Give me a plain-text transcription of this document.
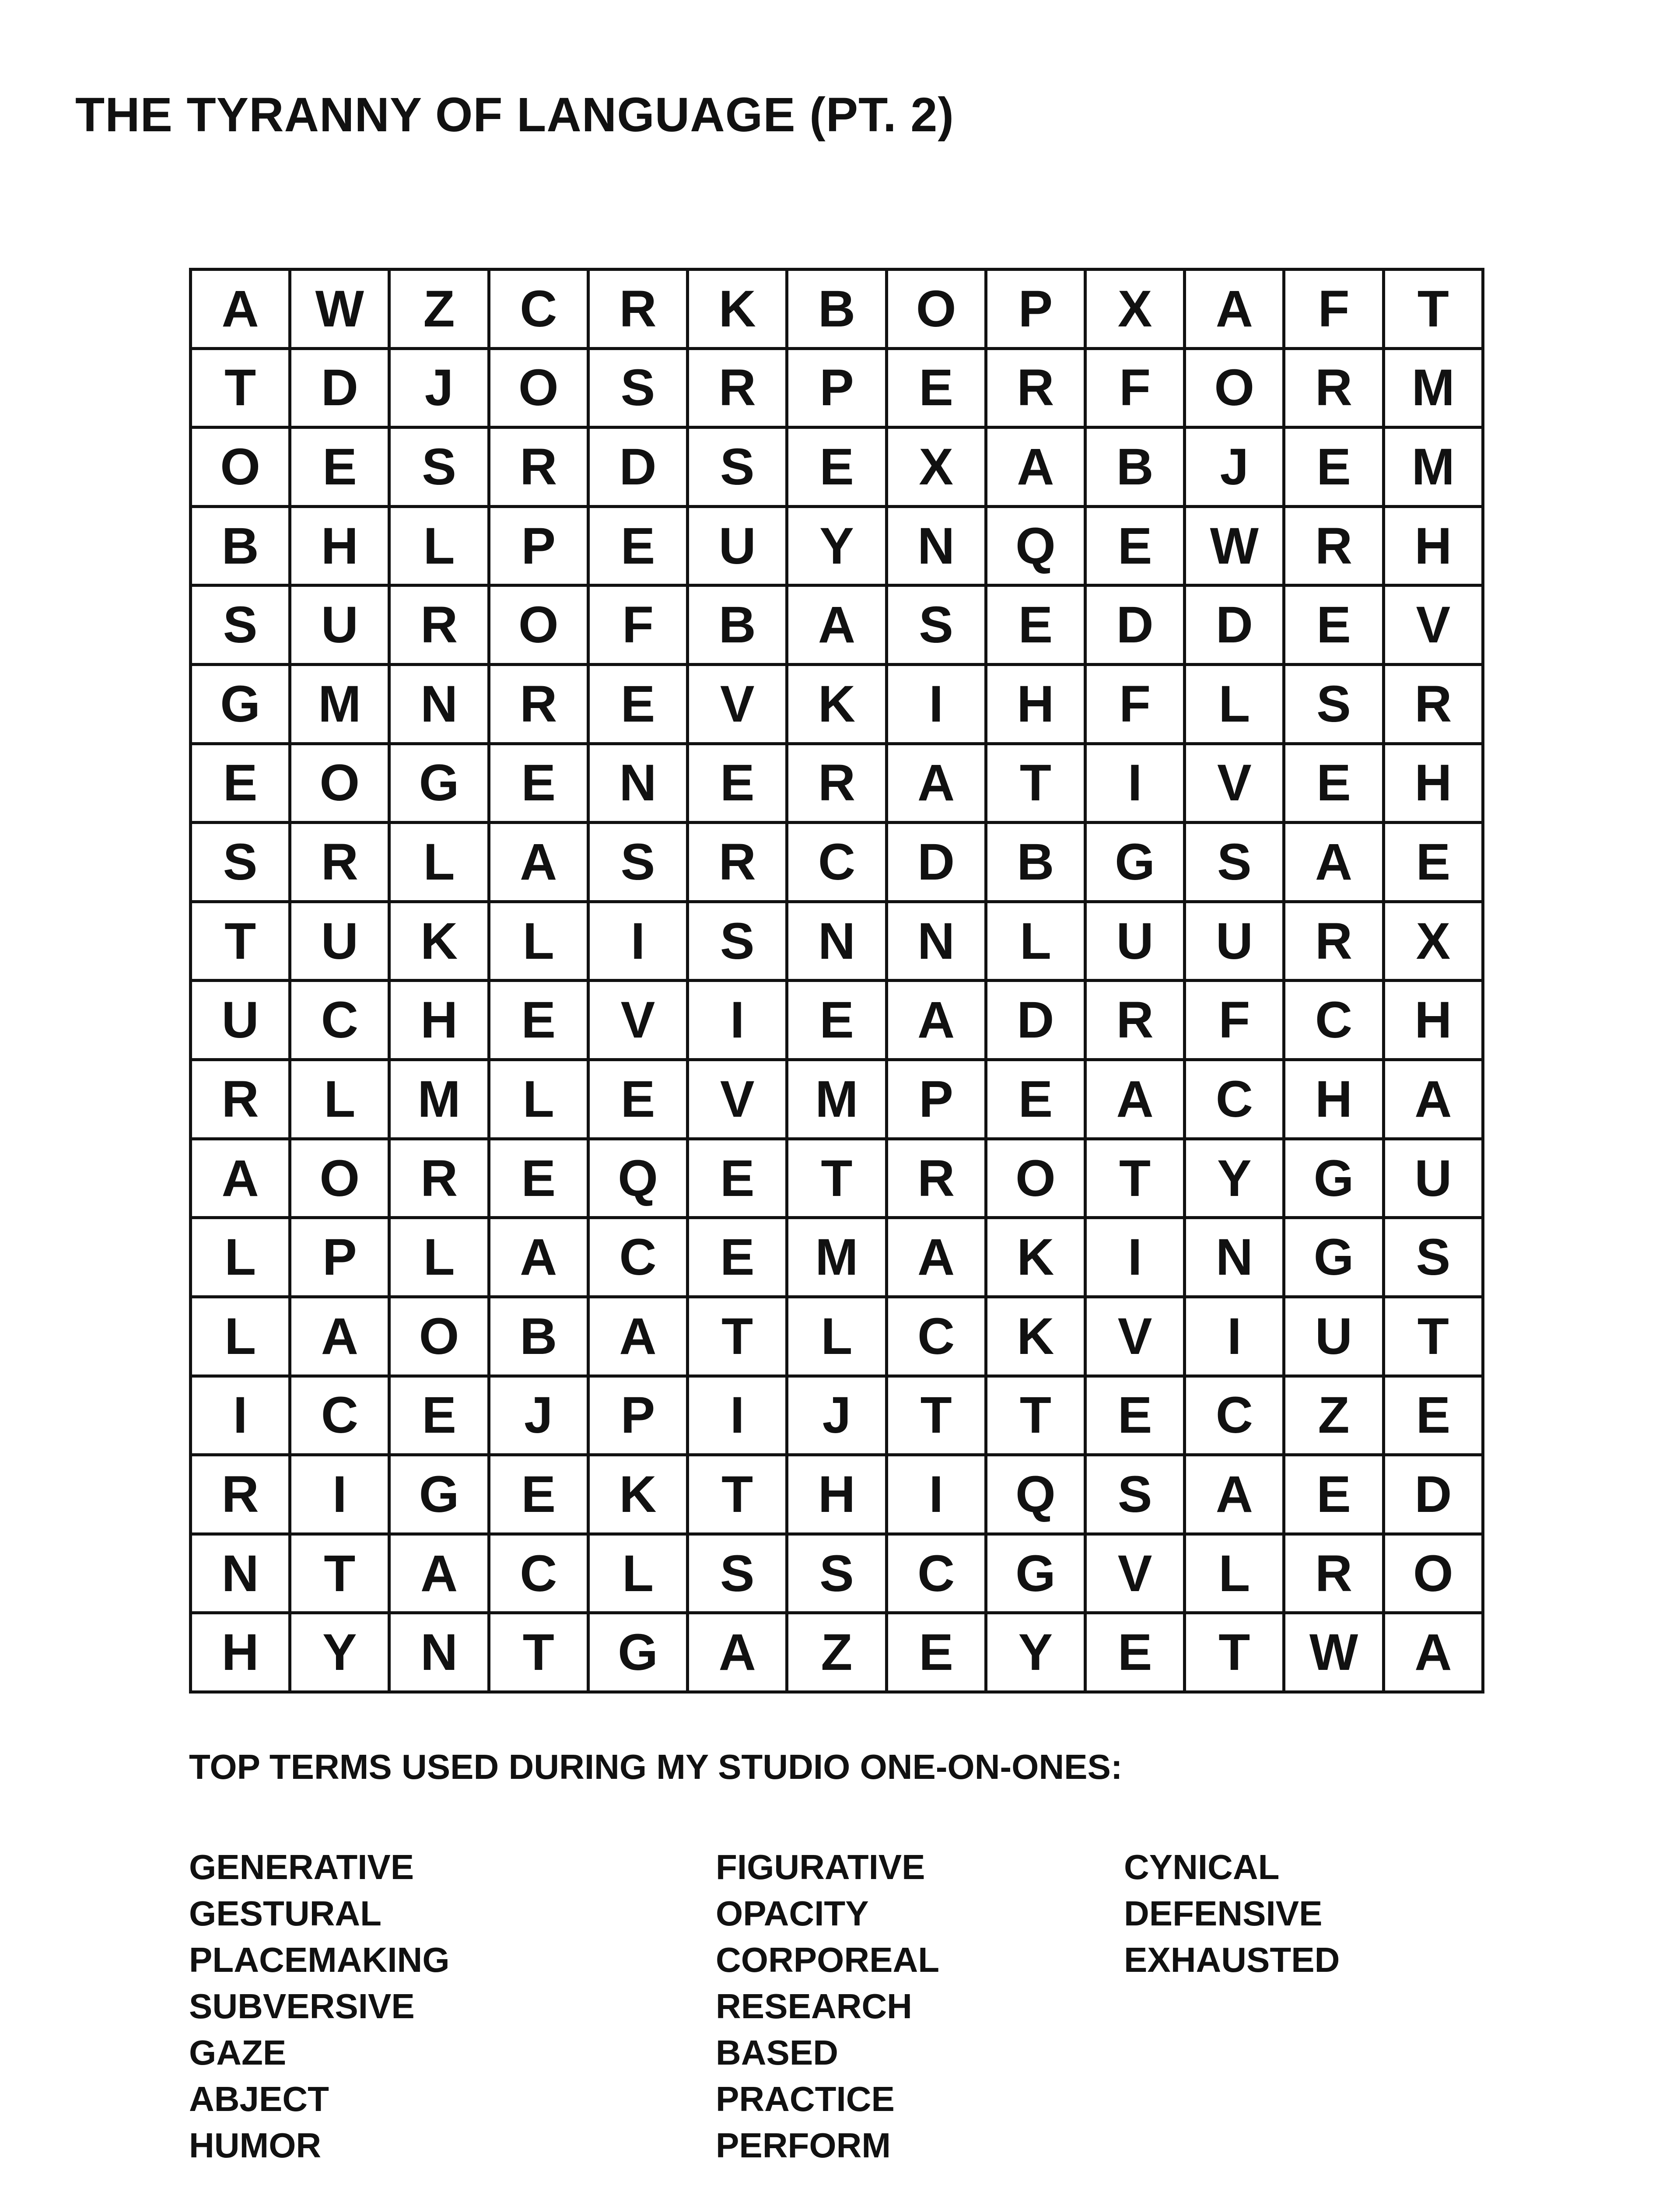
THE TYRANNY OF LANGUAGE (PT. 2)
A	W	Z	C	R	K	B	O	P	X	A	F	T
T	D	J	O	S	R	P	E	R	F	O	R	M
O	E	S	R	D	S	E	X	A	B	J	E	M
B	H	L	P	E	U	Y	N	Q	E	W	R	H
S	U	R	O	F	B	A	S	E	D	D	E	V
G	M	N	R	E	V	K	I	H	F	L	S	R
E	O	G	E	N	E	R	A	T	I	V	E	H
S	R	L	A	S	R	C	D	B	G	S	A	E
T	U	K	L	I	S	N	N	L	U	U	R	X
U	C	H	E	V	I	E	A	D	R	F	C	H
R	L	M	L	E	V	M	P	E	A	C	H	A
A	O	R	E	Q	E	T	R	O	T	Y	G	U
L	P	L	A	C	E	M	A	K	I	N	G	S
L	A	O	B	A	T	L	C	K	V	I	U	T
I	C	E	J	P	I	J	T	T	E	C	Z	E
R	I	G	E	K	T	H	I	Q	S	A	E	D
N	T	A	C	L	S	S	C	G	V	L	R	O
H	Y	N	T	G	A	Z	E	Y	E	T	W	A
TOP TERMS USED DURING MY STUDIO ONE-ON-ONES:
GENERATIVE
GESTURAL
PLACEMAKING
SUBVERSIVE
GAZE
ABJECT
HUMOR
FIGURATIVE
OPACITY
CORPOREAL
RESEARCH
BASED
PRACTICE
PERFORM
CYNICAL
DEFENSIVE
EXHAUSTED
